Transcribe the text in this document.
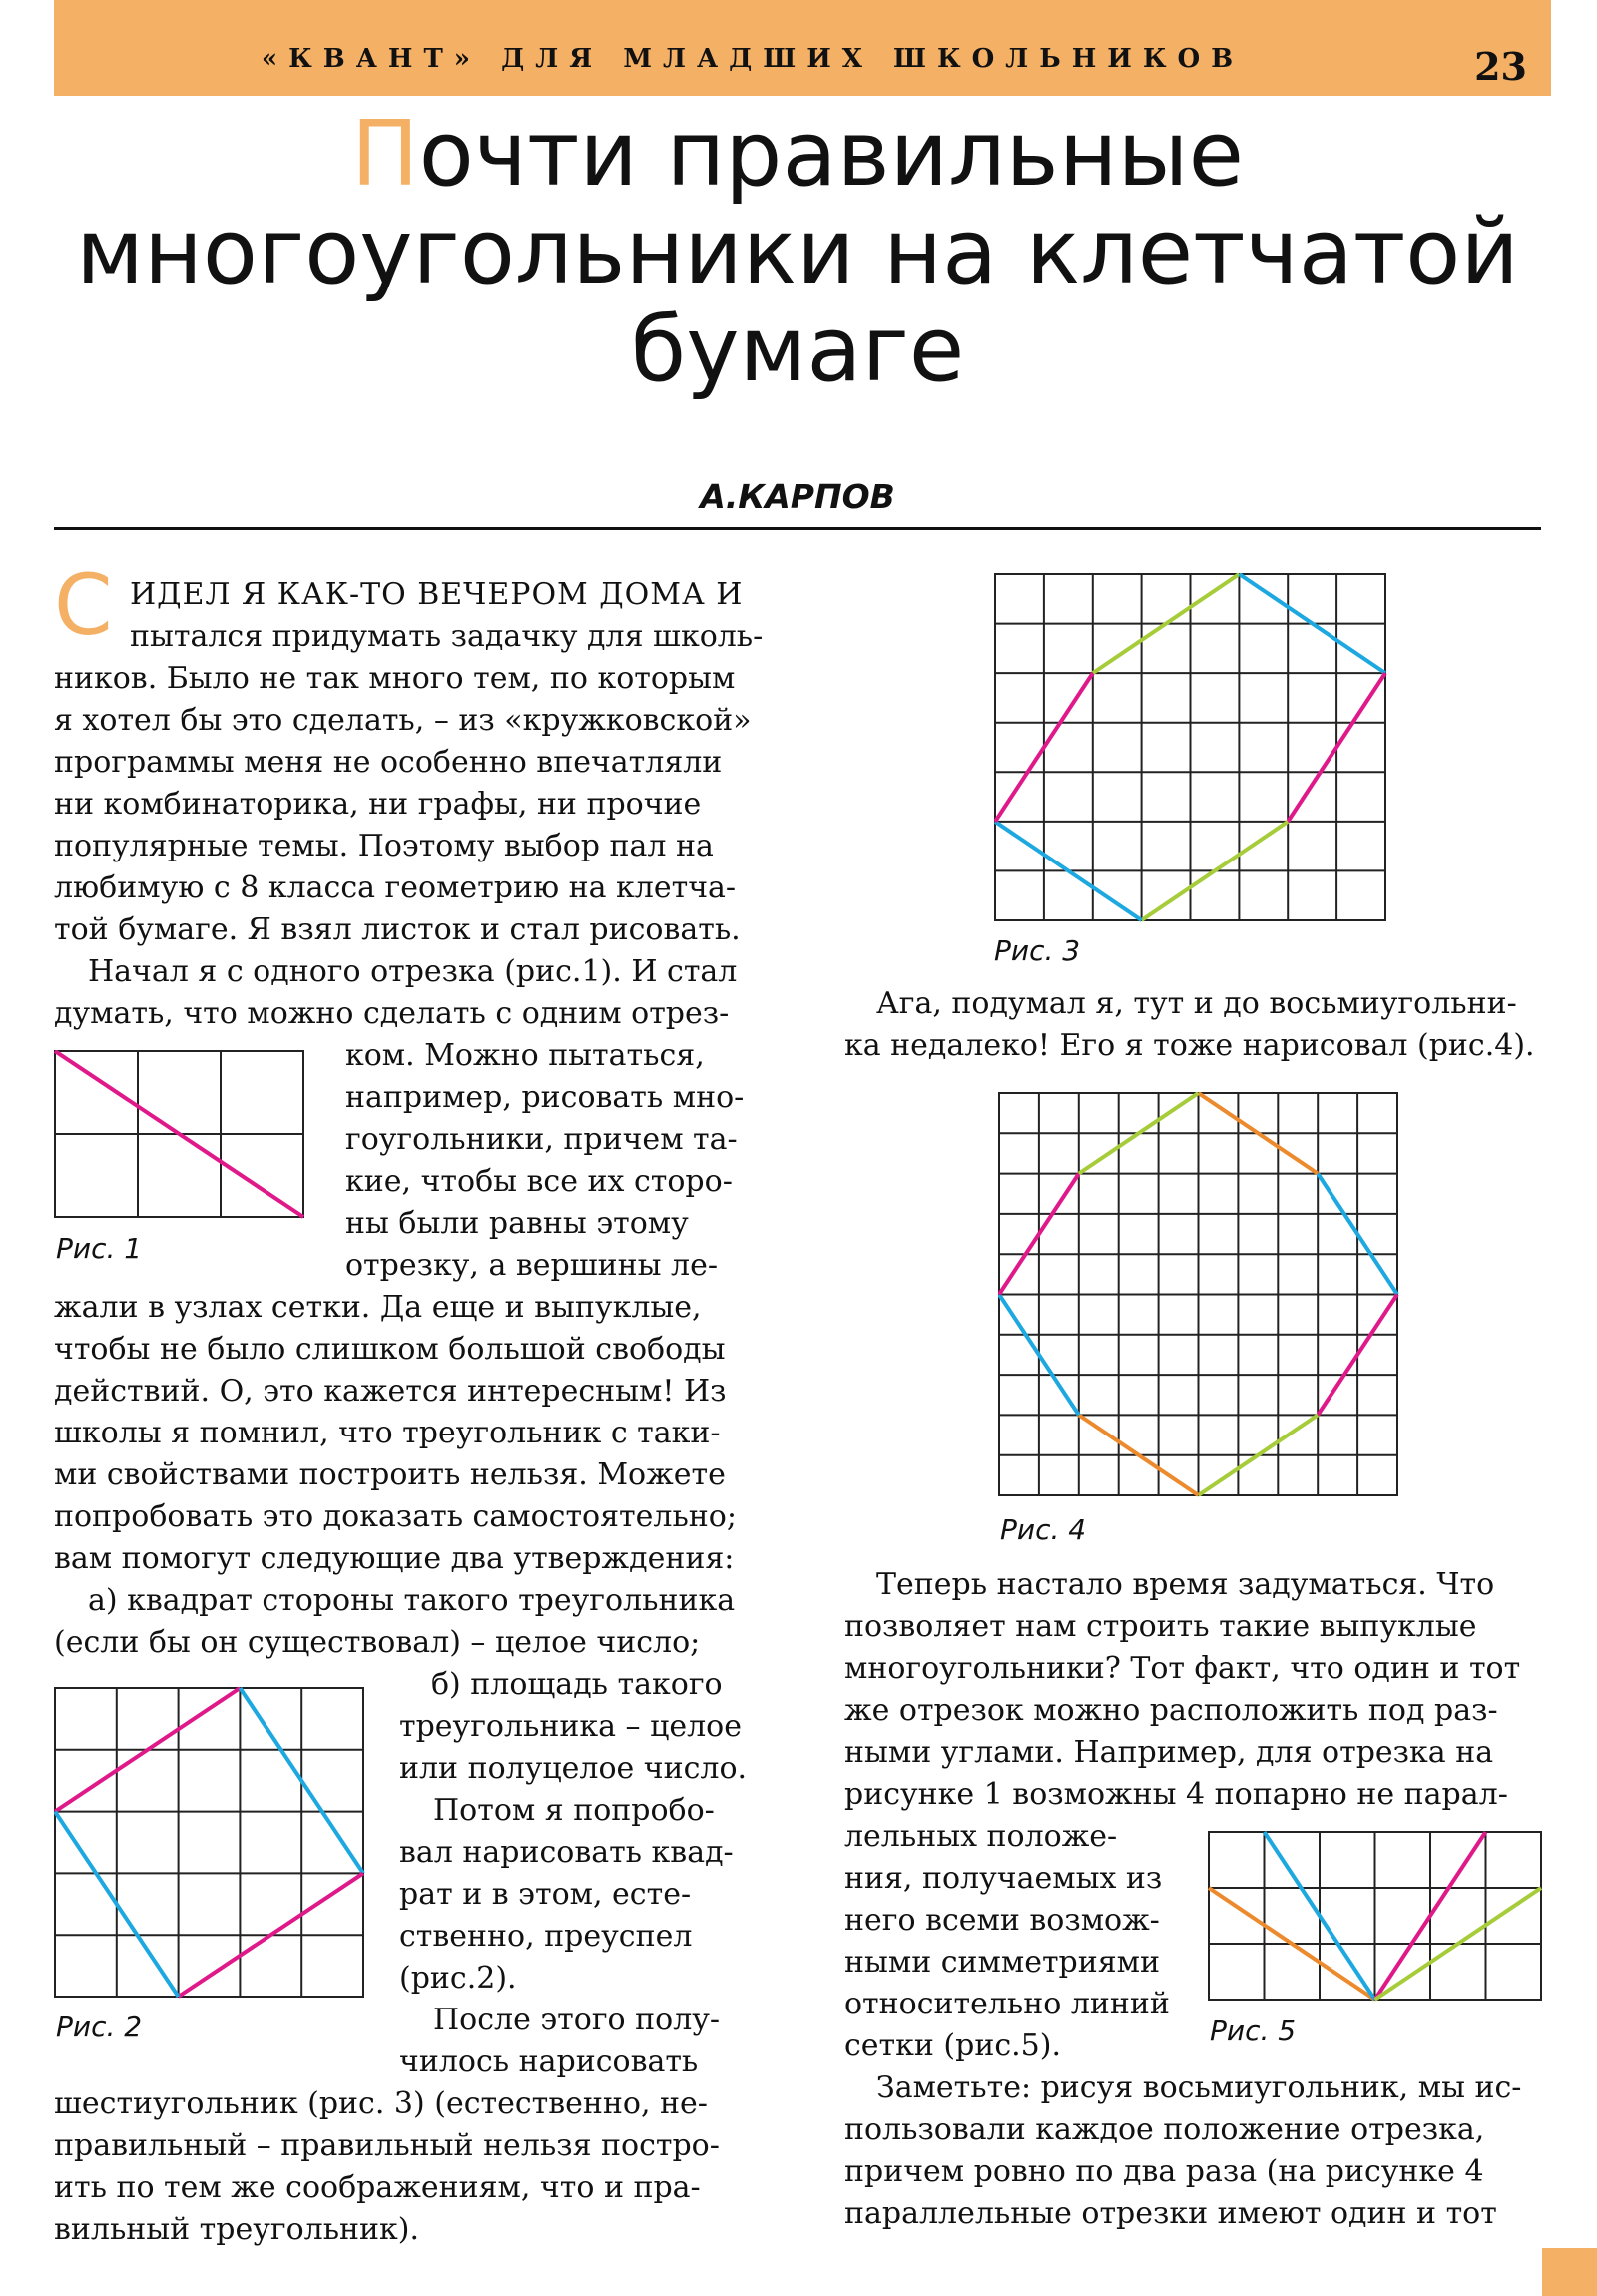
«КВАНТ» ДЛЯ МЛАДШИХ ШКОЛЬНИКОВ	23
Почти правильные
многоугольники на клетчатой
бумаге
А.КАРПОВ
С ИДЕЛ Я КАК-ТО ВЕЧЕРОМ ДОМА И
пытался придумать задачку для школь-
ников. Было не так много тем, по которым
я хотел бы это сделать, – из «кружковской»
программы меня не особенно впечатляли
ни комбинаторика, ни графы, ни прочие
популярные темы. Поэтому выбор пал на
любимую с 8 класса геометрию на клетча-
той бумаге. Я взял листок и стал рисовать.
Начал я с одного отрезка (рис.1). И стал
думать, что можно сделать с одним отрез-
ком. Можно пытаться,
например, рисовать мно-
гоугольники, причем та-
кие, чтобы все их сторо-
ны были равны этому
отрезку, а вершины ле-
жали в узлах сетки. Да еще и выпуклые,
чтобы не было слишком большой свободы
действий. О, это кажется интересным! Из
школы я помнил, что треугольник с таки-
ми свойствами построить нельзя. Можете
попробовать это доказать самостоятельно;
вам помогут следующие два утверждения:
а) квадрат стороны такого треугольника
(если бы он существовал) – целое число;
б) площадь такого
треугольника – целое
или полуцелое число.
Потом я попробо-
вал нарисовать квад-
рат и в этом, есте-
ственно, преуспел
(рис.2).
После этого полу-
чилось нарисовать
шестиугольник (рис. 3) (естественно, не-
правильный – правильный нельзя постро-
ить по тем же соображениям, что и пра-
вильный треугольник).
Рис. 1
Рис. 2
Рис. 3
Ага, подумал я, тут и до восьмиугольни-
ка недалеко! Его я тоже нарисовал (рис.4).
Рис. 4
Теперь настало время задуматься. Что
позволяет нам строить такие выпуклые
многоугольники? Тот факт, что один и тот
же отрезок можно расположить под раз-
ными углами. Например, для отрезка на
рисунке 1 возможны 4 попарно не парал-
лельных положе-
ния, получаемых из
него всеми возмож-
ными симметриями
относительно линий
сетки (рис.5).
Заметьте: рисуя восьмиугольник, мы ис-
пользовали каждое положение отрезка,
причем ровно по два раза (на рисунке 4
параллельные отрезки имеют один и тот
Рис. 5
